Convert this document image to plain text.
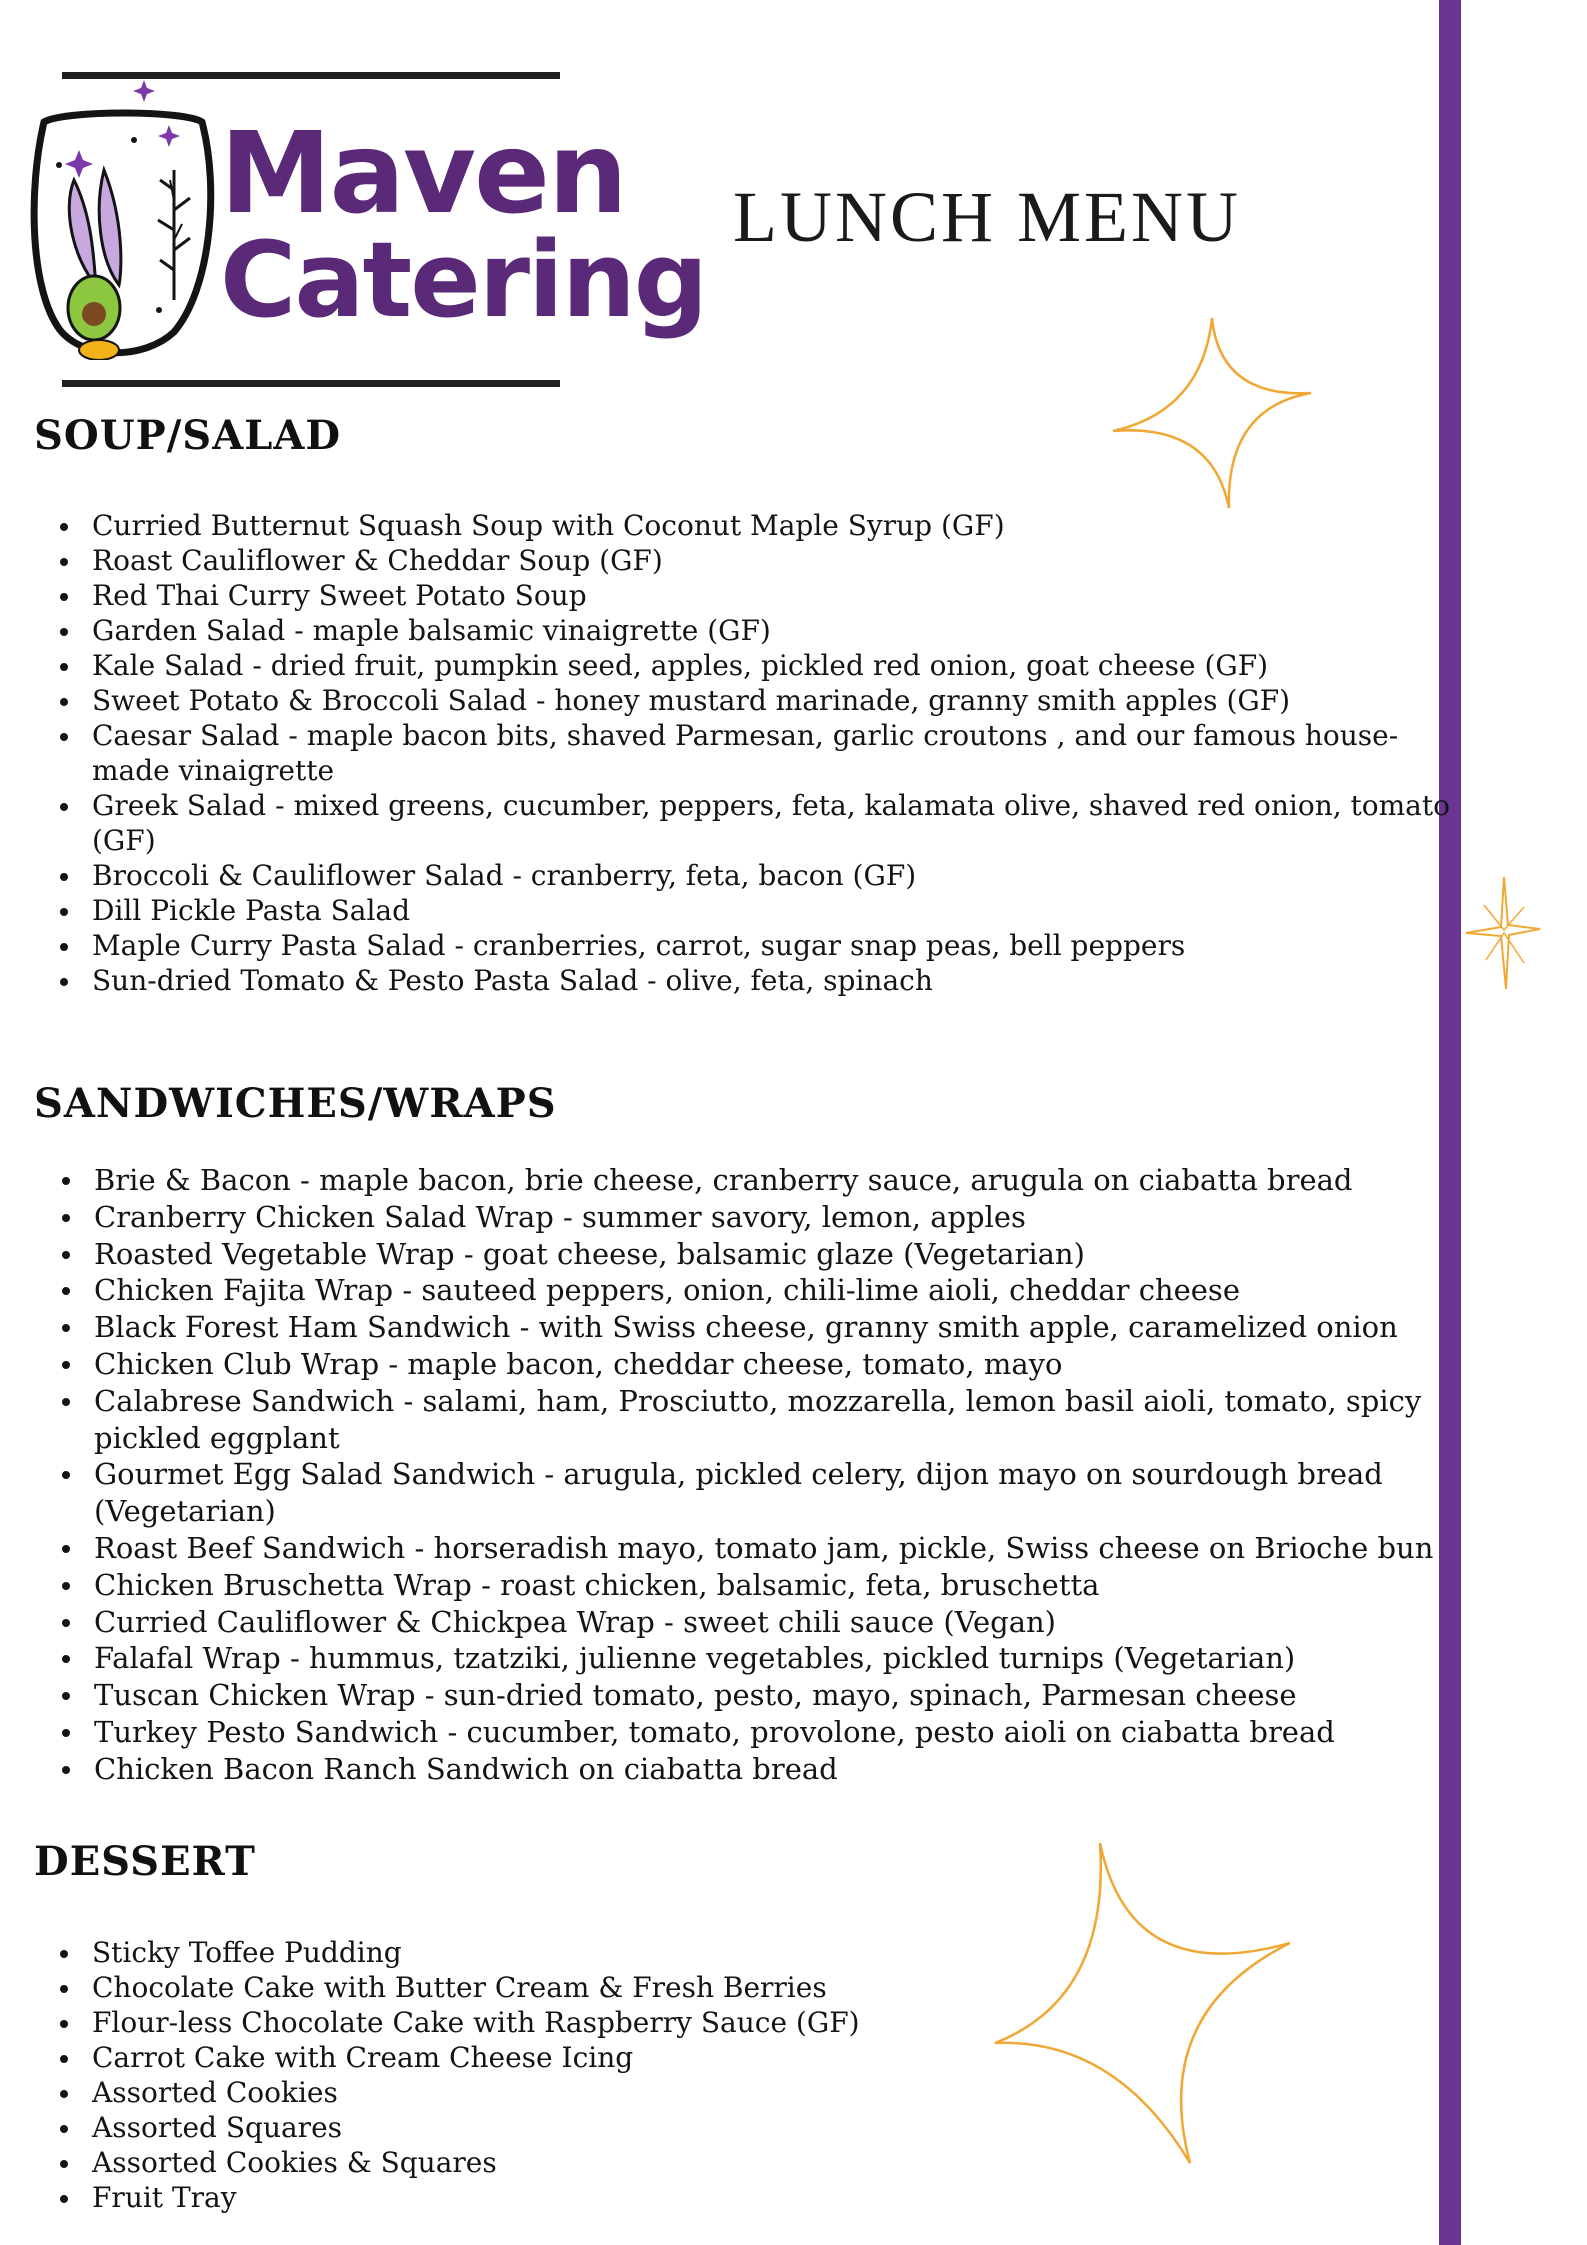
Maven
Catering
LUNCH MENU
SOUP/SALAD
Curried Butternut Squash Soup with Coconut Maple Syrup (GF)
Roast Cauliflower & Cheddar Soup (GF)
Red Thai Curry Sweet Potato Soup
Garden Salad - maple balsamic vinaigrette (GF)
Kale Salad - dried fruit, pumpkin seed, apples, pickled red onion, goat cheese (GF)
Sweet Potato & Broccoli Salad - honey mustard marinade, granny smith apples (GF)
Caesar Salad - maple bacon bits, shaved Parmesan, garlic croutons , and our famous house-made vinaigrette
Greek Salad - mixed greens, cucumber, peppers, feta, kalamata olive, shaved red onion, tomato (GF)
Broccoli & Cauliflower Salad - cranberry, feta, bacon (GF)
Dill Pickle Pasta Salad
Maple Curry Pasta Salad - cranberries, carrot, sugar snap peas, bell peppers
Sun-dried Tomato & Pesto Pasta Salad - olive, feta, spinach
SANDWICHES/WRAPS
Brie & Bacon - maple bacon, brie cheese, cranberry sauce, arugula on ciabatta bread
Cranberry Chicken Salad Wrap - summer savory, lemon, apples
Roasted Vegetable Wrap - goat cheese, balsamic glaze (Vegetarian)
Chicken Fajita Wrap - sauteed peppers, onion, chili-lime aioli, cheddar cheese
Black Forest Ham Sandwich - with Swiss cheese, granny smith apple, caramelized onion
Chicken Club Wrap - maple bacon, cheddar cheese, tomato, mayo
Calabrese Sandwich - salami, ham, Prosciutto, mozzarella, lemon basil aioli, tomato, spicy pickled eggplant
Gourmet Egg Salad Sandwich - arugula, pickled celery, dijon mayo on sourdough bread (Vegetarian)
Roast Beef Sandwich - horseradish mayo, tomato jam, pickle, Swiss cheese on Brioche bun
Chicken Bruschetta Wrap - roast chicken, balsamic, feta, bruschetta
Curried Cauliflower & Chickpea Wrap - sweet chili sauce (Vegan)
Falafal Wrap - hummus, tzatziki, julienne vegetables, pickled turnips (Vegetarian)
Tuscan Chicken Wrap - sun-dried tomato, pesto, mayo, spinach, Parmesan cheese
Turkey Pesto Sandwich - cucumber, tomato, provolone, pesto aioli on ciabatta bread
Chicken Bacon Ranch Sandwich on ciabatta bread
DESSERT
Sticky Toffee Pudding
Chocolate Cake with Butter Cream & Fresh Berries
Flour-less Chocolate Cake with Raspberry Sauce (GF)
Carrot Cake with Cream Cheese Icing
Assorted Cookies
Assorted Squares
Assorted Cookies & Squares
Fruit Tray
